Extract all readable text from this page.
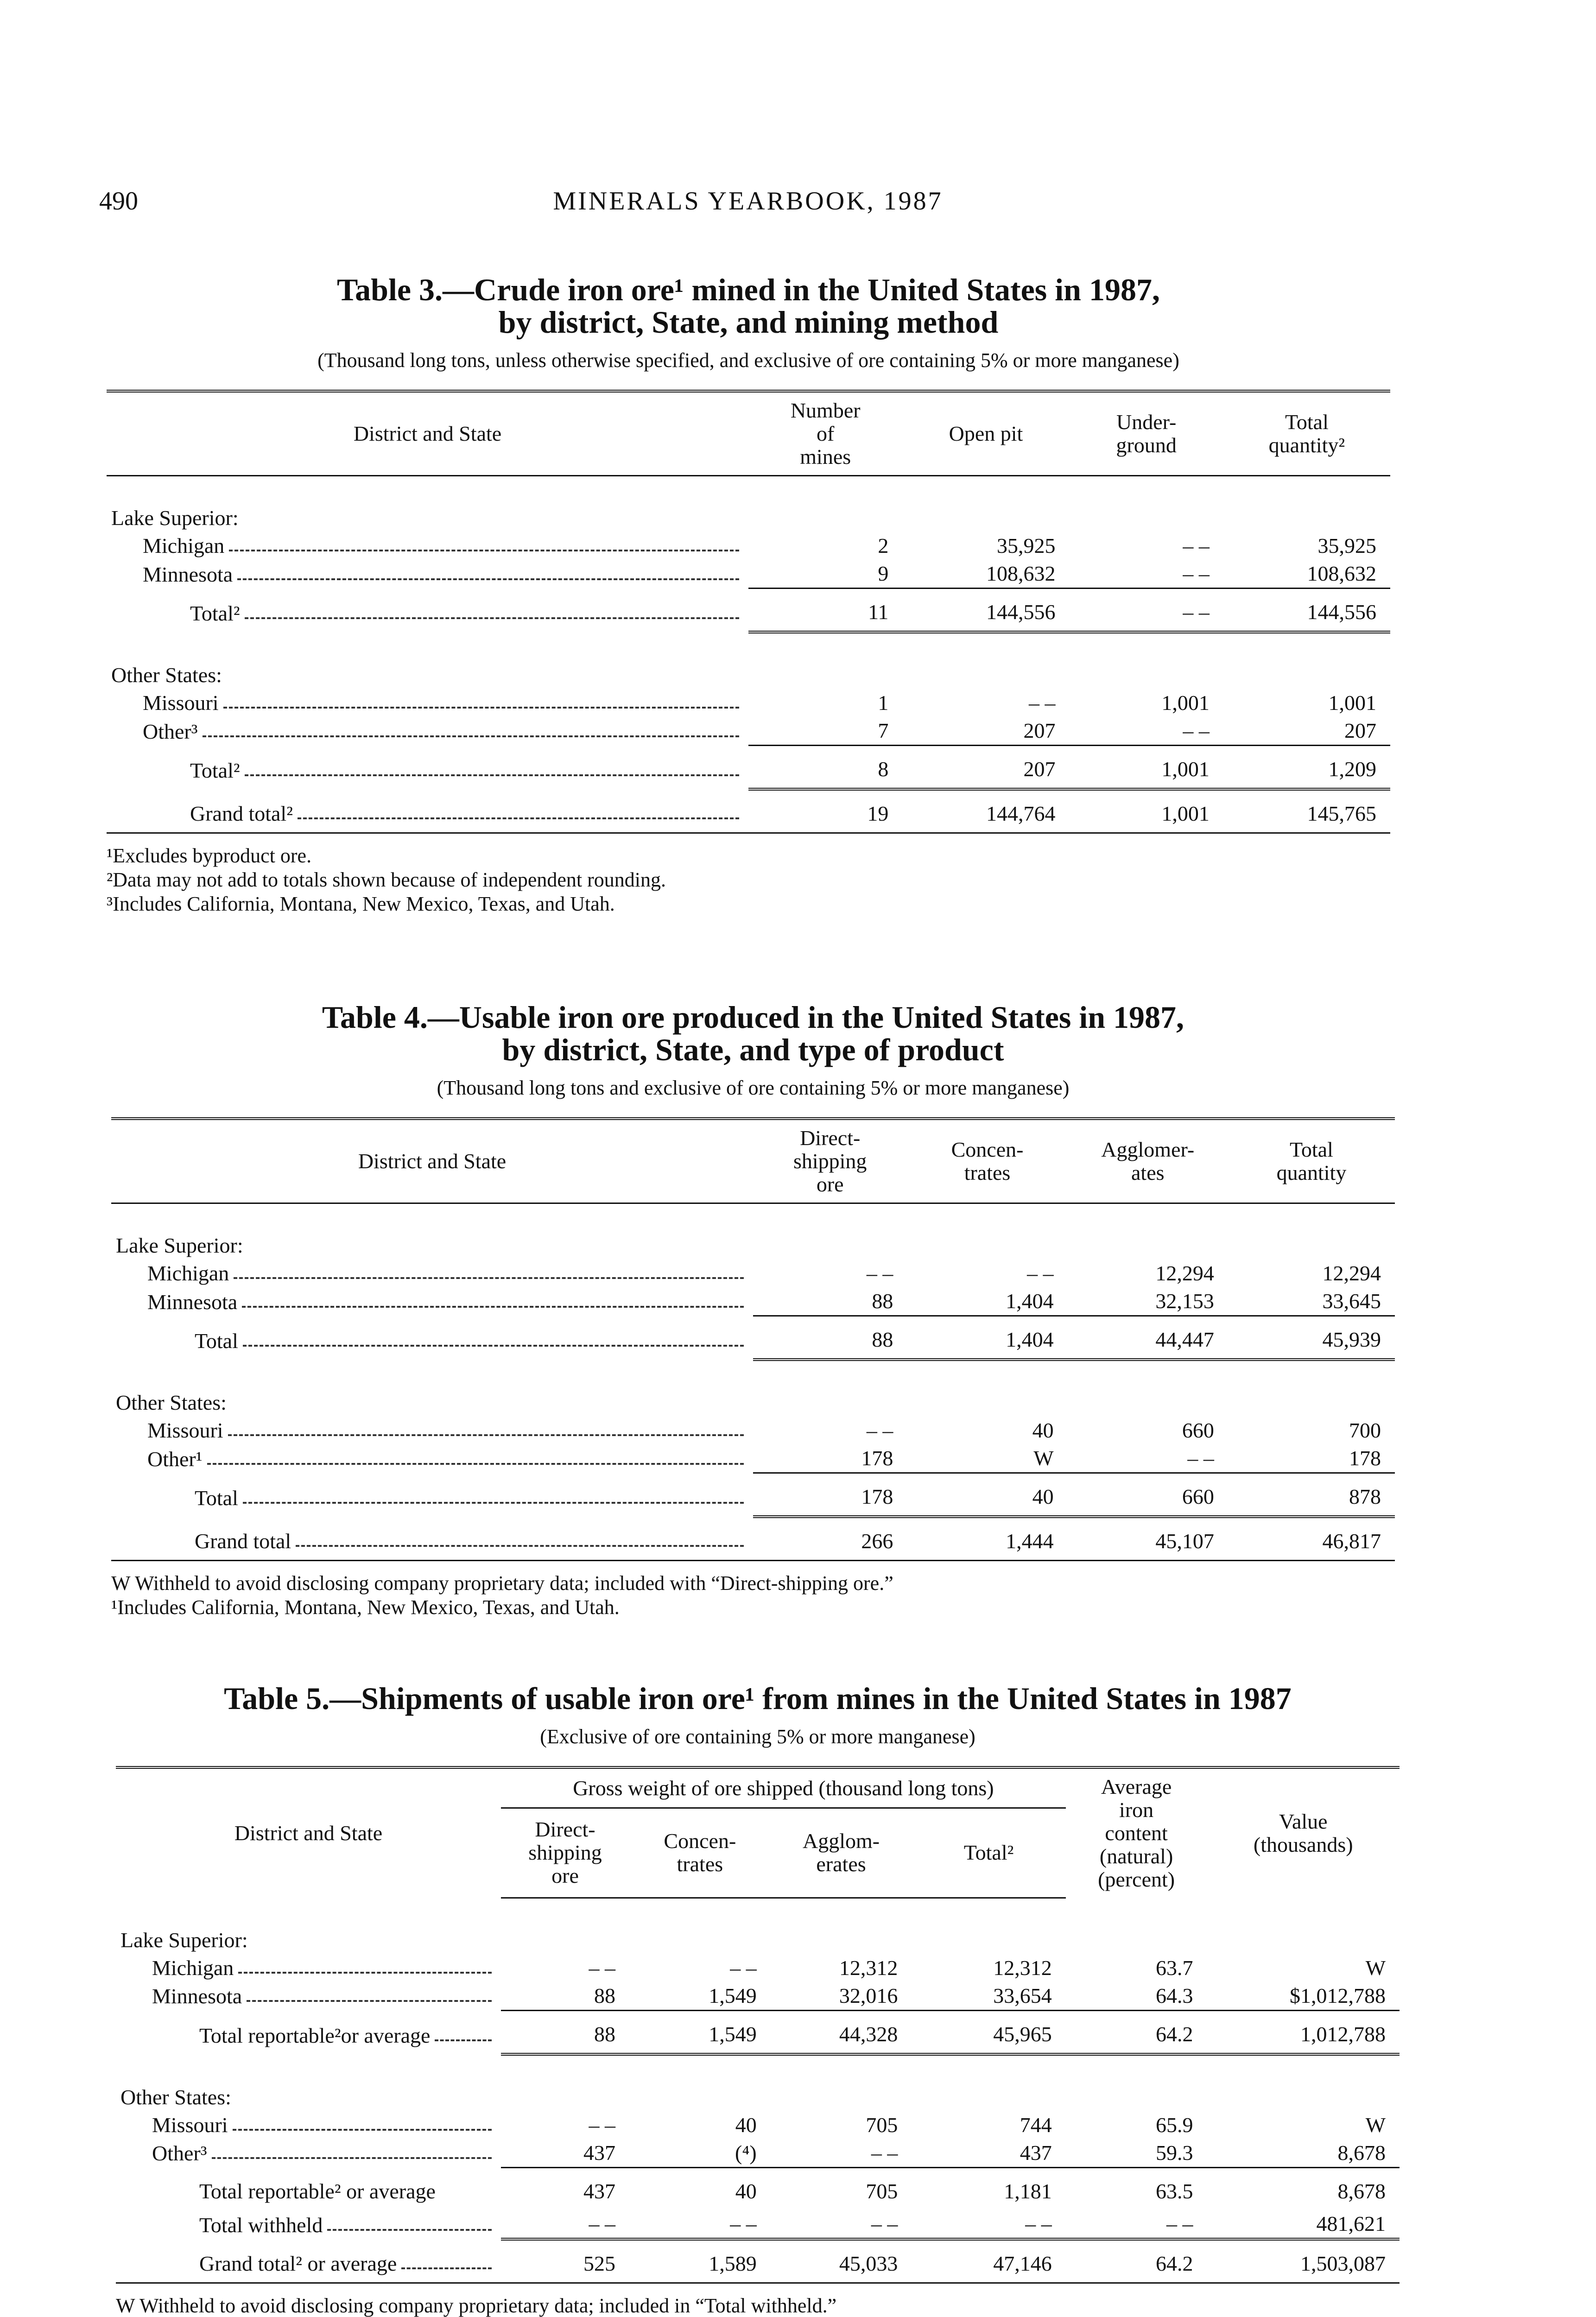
490	MINERALS YEARBOOK, 1987
Table 3.—Crude iron ore¹ mined in the United States in 1987,
by district, State, and mining method
(Thousand long tons, unless otherwise specified, and exclusive of ore containing 5% or more manganese)
District and State	Number
of
mines	Open pit	Under-
ground	Total
quantity²
Lake Superior:				

Michigan	2	35,925	– –	35,925

Minnesota	9	108,632	– –	108,632

Total²	11	144,556	– –	144,556
Other States:				

Missouri	1	– –	1,001	1,001

Other³	7	207	– –	207

Total²	8	207	1,001	1,209

Grand total²	19	144,764	1,001	145,765
¹Excludes byproduct ore.
²Data may not add to totals shown because of independent rounding.
³Includes California, Montana, New Mexico, Texas, and Utah.
Table 4.—Usable iron ore produced in the United States in 1987,
by district, State, and type of product
(Thousand long tons and exclusive of ore containing 5% or more manganese)
District and State	Direct-
shipping
ore	Concen-
trates	Agglomer-
ates	Total
quantity
Lake Superior:				

Michigan	– –	– –	12,294	12,294

Minnesota	88	1,404	32,153	33,645

Total	88	1,404	44,447	45,939
Other States:				

Missouri	– –	40	660	700

Other¹	178	W	– –	178

Total	178	40	660	878

Grand total	266	1,444	45,107	46,817
W Withheld to avoid disclosing company proprietary data; included with “Direct-shipping ore.”
¹Includes California, Montana, New Mexico, Texas, and Utah.
Table 5.—Shipments of usable iron ore¹ from mines in the United States in 1987
(Exclusive of ore containing 5% or more manganese)
District and State	Gross weight of ore shipped (thousand long tons)				Average
iron
content
(natural)
(percent)	Value
(thousands)
	Direct-
shipping
ore	Concen-
trates	Agglom-
erates	Total²		
Lake Superior:						

Michigan	– –	– –	12,312	12,312	63.7	W

Minnesota	88	1,549	32,016	33,654	64.3	$1,012,788

Total reportable²or average	88	1,549	44,328	45,965	64.2	1,012,788
Other States:						

Missouri	– –	40	705	744	65.9	W

Other³	437	(⁴)	– –	437	59.3	8,678

Total reportable² or average	437	40	705	1,181	63.5	8,678

Total withheld	– –	– –	– –	– –	– –	481,621

Grand total² or average	525	1,589	45,033	47,146	64.2	1,503,087
W Withheld to avoid disclosing company proprietary data; included in “Total withheld.”
